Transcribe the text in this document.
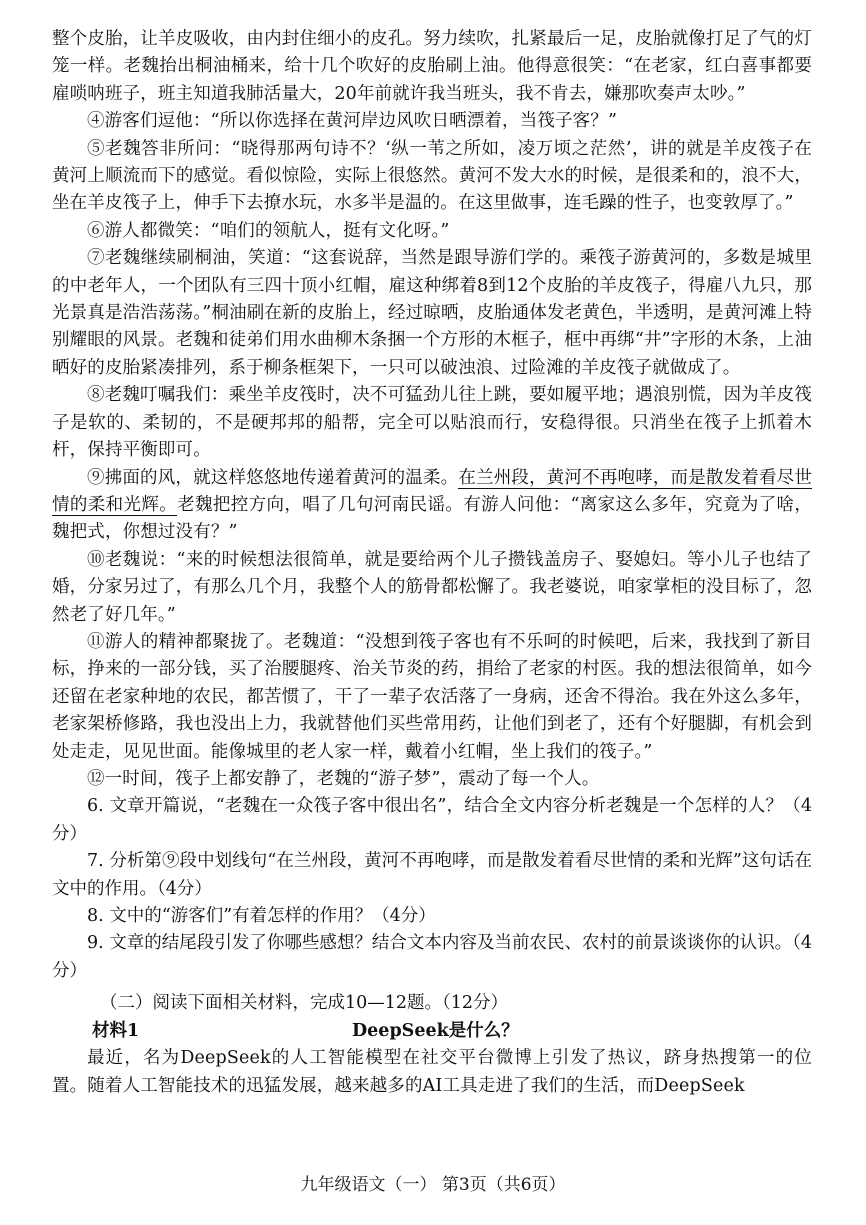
整个皮胎，让羊皮吸收，由内封住细小的皮孔。努力续吹，扎紧最后一足，皮胎就像打足了气的灯笼一样。老魏抬出桐油桶来，给十几个吹好的皮胎刷上油。他得意很笑：“在老家，红白喜事都要雇唢呐班子，班主知道我肺活量大，20年前就许我当班头，我不肯去，嫌那吹奏声太吵。”

④游客们逗他：“所以你选择在黄河岸边风吹日晒漂着，当筏子客？”

⑤老魏答非所问：“晓得那两句诗不？‘纵一苇之所如，凌万顷之茫然’，讲的就是羊皮筏子在黄河上顺流而下的感觉。看似惊险，实际上很悠然。黄河不发大水的时候，是很柔和的，浪不大，坐在羊皮筏子上，伸手下去撩水玩，水多半是温的。在这里做事，连毛躁的性子，也变敦厚了。”

⑥游人都微笑：“咱们的领航人，挺有文化呀。”

⑦老魏继续刷桐油，笑道：“这套说辞，当然是跟导游们学的。乘筏子游黄河的，多数是城里的中老年人，一个团队有三四十顶小红帽，雇这种绑着8到12个皮胎的羊皮筏子，得雇八九只，那光景真是浩浩荡荡。”桐油刷在新的皮胎上，经过晾晒，皮胎通体发老黄色，半透明，是黄河滩上特别耀眼的风景。老魏和徒弟们用水曲柳木条捆一个方形的木框子，框中再绑“井”字形的木条，上油晒好的皮胎紧凑排列，系于柳条框架下，一只可以破浊浪、过险滩的羊皮筏子就做成了。

⑧老魏叮嘱我们：乘坐羊皮筏时，决不可猛劲儿往上跳，要如履平地；遇浪别慌，因为羊皮筏子是软的、柔韧的，不是硬邦邦的船帮，完全可以贴浪而行，安稳得很。只消坐在筏子上抓着木杆，保持平衡即可。

⑨拂面的风，就这样悠悠地传递着黄河的温柔。在兰州段，黄河不再咆哮，而是散发着看尽世情的柔和光辉。老魏把控方向，唱了几句河南民谣。有游人问他：“离家这么多年，究竟为了啥，魏把式，你想过没有？”

⑩老魏说：“来的时候想法很简单，就是要给两个儿子攒钱盖房子、娶媳妇。等小儿子也结了婚，分家另过了，有那么几个月，我整个人的筋骨都松懈了。我老婆说，咱家掌柜的没目标了，忽然老了好几年。”

⑪游人的精神都聚拢了。老魏道：“没想到筏子客也有不乐呵的时候吧，后来，我找到了新目标，挣来的一部分钱，买了治腰腿疼、治关节炎的药，捐给了老家的村医。我的想法很简单，如今还留在老家种地的农民，都苦惯了，干了一辈子农活落了一身病，还舍不得治。我在外这么多年，老家架桥修路，我也没出上力，我就替他们买些常用药，让他们到老了，还有个好腿脚，有机会到处走走，见见世面。能像城里的老人家一样，戴着小红帽，坐上我们的筏子。”

⑫一时间，筏子上都安静了，老魏的“游子梦”，震动了每一个人。

6. 文章开篇说，“老魏在一众筏子客中很出名”，结合全文内容分析老魏是一个怎样的人？（4分）

7. 分析第⑨段中划线句“在兰州段，黄河不再咆哮，而是散发着看尽世情的柔和光辉”这句话在文中的作用。（4分）

8. 文中的“游客们”有着怎样的作用？（4分）

9. 文章的结尾段引发了你哪些感想？结合文本内容及当前农民、农村的前景谈谈你的认识。（4分）

（二）阅读下面相关材料，完成10—12题。（12分）

材料1	DeepSeek是什么？

最近，名为DeepSeek的人工智能模型在社交平台微博上引发了热议，跻身热搜第一的位置。随着人工智能技术的迅猛发展，越来越多的AI工具走进了我们的生活，而DeepSeek

九年级语文（一） 第3页（共6页）
